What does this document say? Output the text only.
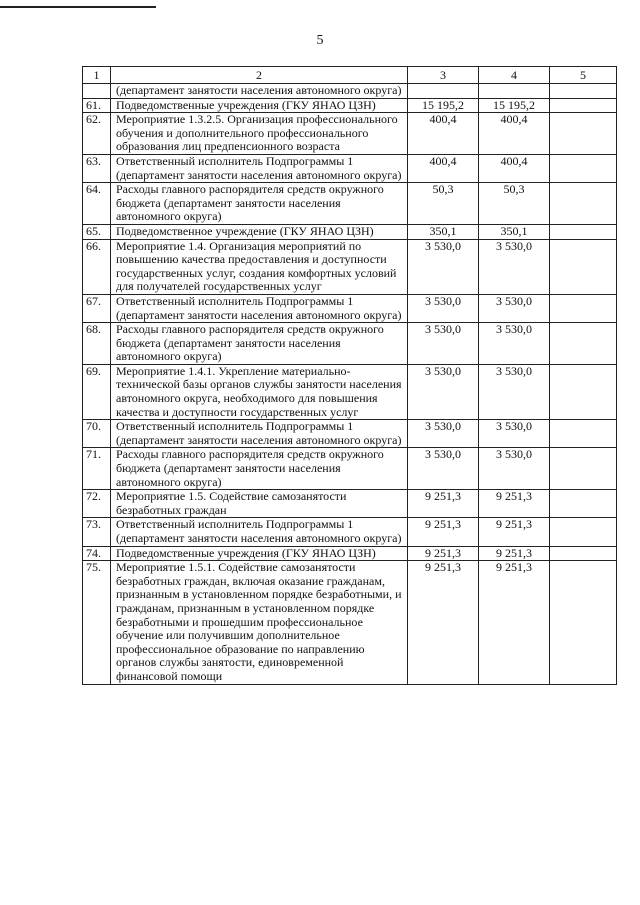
5
1	2	3	4	5
	(департамент занятости населения автономного округа)			
61.	Подведомственные учреждения (ГКУ ЯНАО ЦЗН)	15 195,2	15 195,2	
62.	Мероприятие 1.3.2.5. Организация профессионального обучения и дополнительного профессионального образования лиц предпенсионного возраста	400,4	400,4	
63.	Ответственный исполнитель Подпрограммы 1 (департамент занятости населения автономного округа)	400,4	400,4	
64.	Расходы главного распорядителя средств окружного бюджета (департамент занятости населения автономного округа)	50,3	50,3	
65.	Подведомственное учреждение (ГКУ ЯНАО ЦЗН)	350,1	350,1	
66.	Мероприятие 1.4. Организация мероприятий по повышению качества предоставления и доступности государственных услуг, создания комфортных условий для получателей государственных услуг	3 530,0	3 530,0	
67.	Ответственный исполнитель Подпрограммы 1 (департамент занятости населения автономного округа)	3 530,0	3 530,0	
68.	Расходы главного распорядителя средств окружного бюджета (департамент занятости населения автономного округа)	3 530,0	3 530,0	
69.	Мероприятие 1.4.1. Укрепление материально-технической базы органов службы занятости населения автономного округа, необходимого для повышения качества и доступности государственных услуг	3 530,0	3 530,0	
70.	Ответственный исполнитель Подпрограммы 1 (департамент занятости населения автономного округа)	3 530,0	3 530,0	
71.	Расходы главного распорядителя средств окружного бюджета (департамент занятости населения автономного округа)	3 530,0	3 530,0	
72.	Мероприятие 1.5. Содействие самозанятости безработных граждан	9 251,3	9 251,3	
73.	Ответственный исполнитель Подпрограммы 1 (департамент занятости населения автономного округа)	9 251,3	9 251,3	
74.	Подведомственные учреждения (ГКУ ЯНАО ЦЗН)	9 251,3	9 251,3	
75.	Мероприятие 1.5.1. Содействие самозанятости безработных граждан, включая оказание гражданам, признанным в установленном порядке безработными, и гражданам, признанным в установленном порядке безработными и прошедшим профессиональное обучение или получившим дополнительное профессиональное образование по направлению органов службы занятости, единовременной финансовой помощи	9 251,3	9 251,3	
